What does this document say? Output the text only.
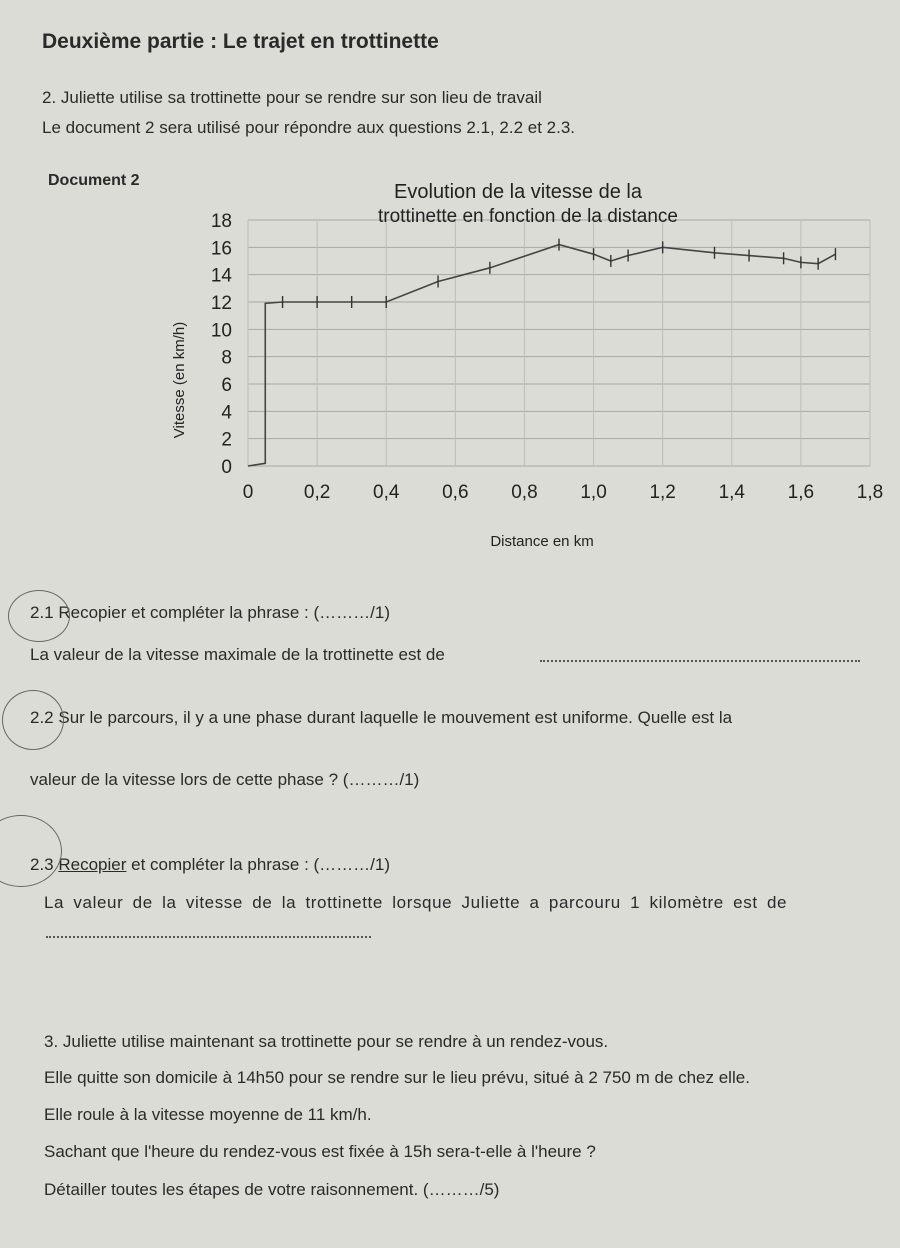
Deuxième partie : Le trajet en trottinette
2. Juliette utilise sa trottinette pour se rendre sur son lieu de travail
Le document 2 sera utilisé pour répondre aux questions 2.1, 2.2 et 2.3.
Document 2
Evolution de la vitesse de la
trottinette en fonction de la distance
0
2
4
6
8
10
12
14
16
18
0	0,2 0,4 0,6 0,8 1,0 1,2 1,4 1,6 1,8
Vitesse (en km/h)
Distance en km
2.1 Recopier et compléter la phrase : (………/1)
La valeur de la vitesse maximale de la trottinette est de
2.2 Sur le parcours, il y a une phase durant laquelle le mouvement est uniforme. Quelle est la
valeur de la vitesse lors de cette phase ? (………/1)
2.3 Recopier et compléter la phrase : (………/1)
La valeur de la vitesse de la trottinette lorsque Juliette a parcouru 1 kilomètre est de
3. Juliette utilise maintenant sa trottinette pour se rendre à un rendez-vous.
Elle quitte son domicile à 14h50 pour se rendre sur le lieu prévu, situé à 2 750 m de chez elle.
Elle roule à la vitesse moyenne de 11 km/h.
Sachant que l'heure du rendez-vous est fixée à 15h sera-t-elle à l'heure ?
Détailler toutes les étapes de votre raisonnement. (………/5)
